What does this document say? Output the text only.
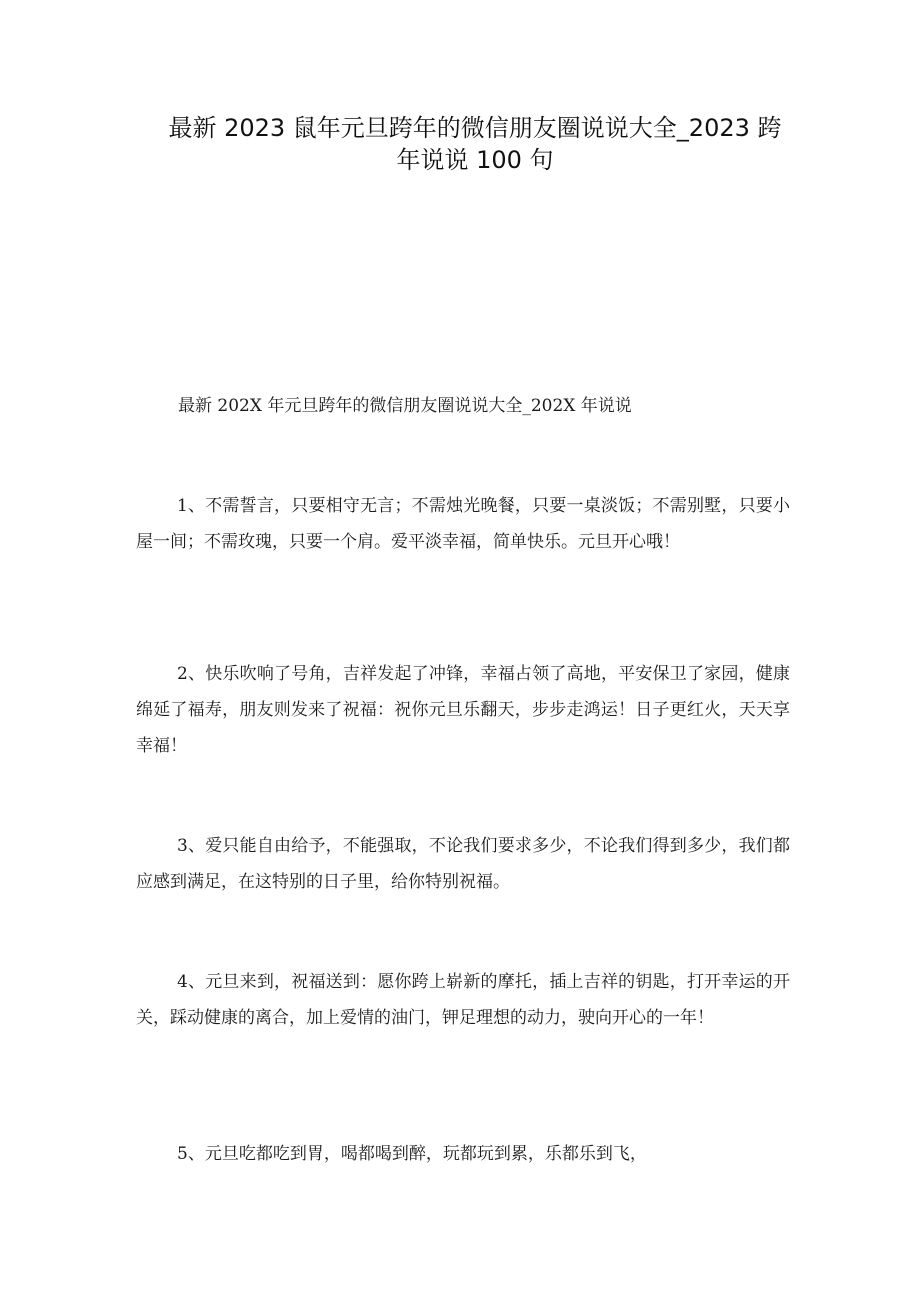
最新 2023 鼠年元旦跨年的微信朋友圈说说大全_2023 跨年说说 100 句
最新 202X 年元旦跨年的微信朋友圈说说大全_202X 年说说

1、不需誓言，只要相守无言；不需烛光晚餐，只要一桌淡饭；不需别墅，只要小屋一间；不需玫瑰，只要一个肩。爱平淡幸福，简单快乐。元旦开心哦！

2、快乐吹响了号角，吉祥发起了冲锋，幸福占领了高地，平安保卫了家园，健康绵延了福寿，朋友则发来了祝福：祝你元旦乐翻天，步步走鸿运！日子更红火，天天享幸福！

3、爱只能自由给予，不能强取，不论我们要求多少，不论我们得到多少，我们都应感到满足，在这特别的日子里，给你特别祝福。

4、元旦来到，祝福送到：愿你跨上崭新的摩托，插上吉祥的钥匙，打开幸运的开关，踩动健康的离合，加上爱情的油门，钾足理想的动力，驶向开心的一年！

5、元旦吃都吃到胃，喝都喝到醉，玩都玩到累，乐都乐到飞，
